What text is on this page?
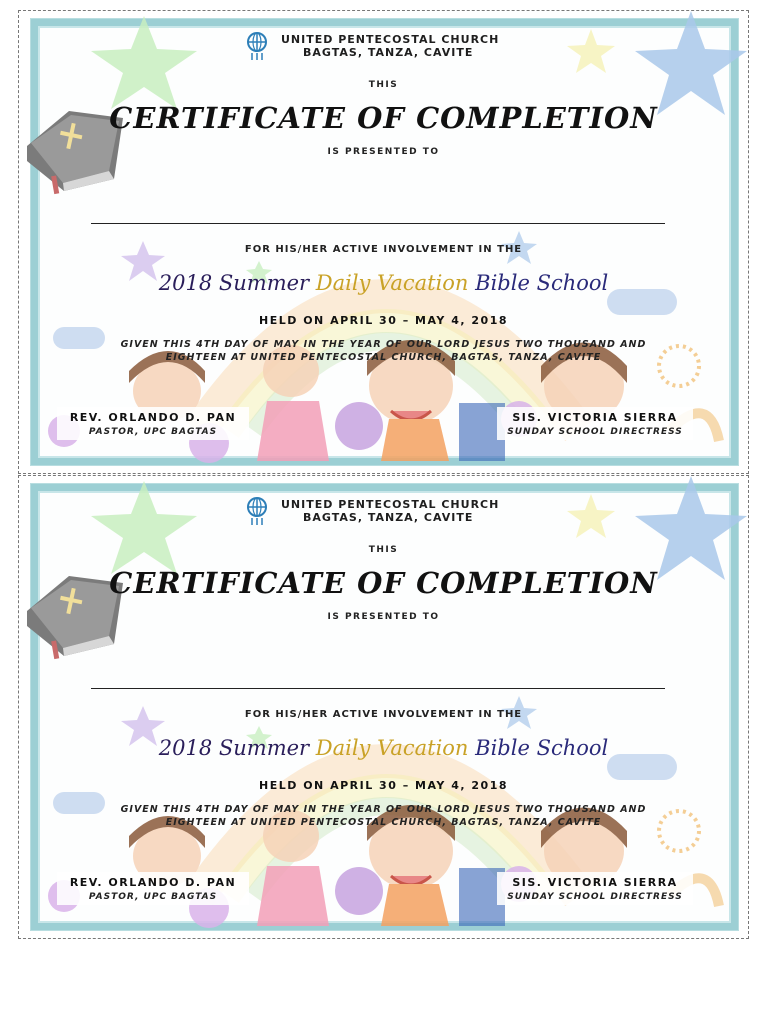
UNITED PENTECOSTAL CHURCH
BAGTAS, TANZA, CAVITE
THIS
CERTIFICATE OF COMPLETION
IS PRESENTED TO
FOR HIS/HER ACTIVE INVOLVEMENT IN THE
2018 Summer Daily Vacation Bible School
HELD ON APRIL 30 – MAY 4, 2018
GIVEN THIS 4TH DAY OF MAY IN THE YEAR OF OUR LORD JESUS TWO THOUSAND AND
EIGHTEEN AT UNITED PENTECOSTAL CHURCH, BAGTAS, TANZA, CAVITE
REV. ORLANDO D. PAN
PASTOR, UPC BAGTAS
SIS. VICTORIA SIERRA
SUNDAY SCHOOL DIRECTRESS
UNITED PENTECOSTAL CHURCH
BAGTAS, TANZA, CAVITE
THIS
CERTIFICATE OF COMPLETION
IS PRESENTED TO
FOR HIS/HER ACTIVE INVOLVEMENT IN THE
2018 Summer Daily Vacation Bible School
HELD ON APRIL 30 – MAY 4, 2018
GIVEN THIS 4TH DAY OF MAY IN THE YEAR OF OUR LORD JESUS TWO THOUSAND AND
EIGHTEEN AT UNITED PENTECOSTAL CHURCH, BAGTAS, TANZA, CAVITE
REV. ORLANDO D. PAN
PASTOR, UPC BAGTAS
SIS. VICTORIA SIERRA
SUNDAY SCHOOL DIRECTRESS
